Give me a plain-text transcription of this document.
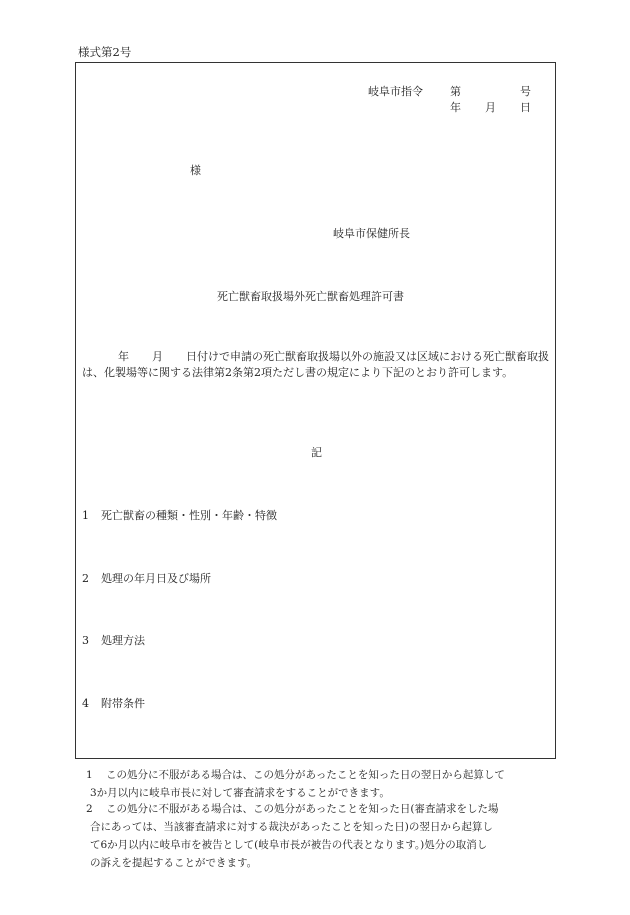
様式第2号
岐阜市指令 第	号
年 月 日
様
岐阜市保健所長
死亡獣畜取扱場外死亡獣畜処理許可書
年 月 日付けで申請の死亡獣畜取扱場以外の施設又は区域における死亡獣畜取扱は、化製場等に関する法律第2条第2項ただし書の規定により下記のとおり許可します。
記
1 死亡獣畜の種類・性別・年齢・特徴
2 処理の年月日及び場所
3 処理方法
4 附帯条件
1 この処分に不服がある場合は、この処分があったことを知った日の翌日から起算して
3か月以内に岐阜市長に対して審査請求をすることができます。
2 この処分に不服がある場合は、この処分があったことを知った日(審査請求をした場
合にあっては、当該審査請求に対する裁決があったことを知った日)の翌日から起算し
て6か月以内に岐阜市を被告として(岐阜市長が被告の代表となります。)処分の取消し
の訴えを提起することができます。
